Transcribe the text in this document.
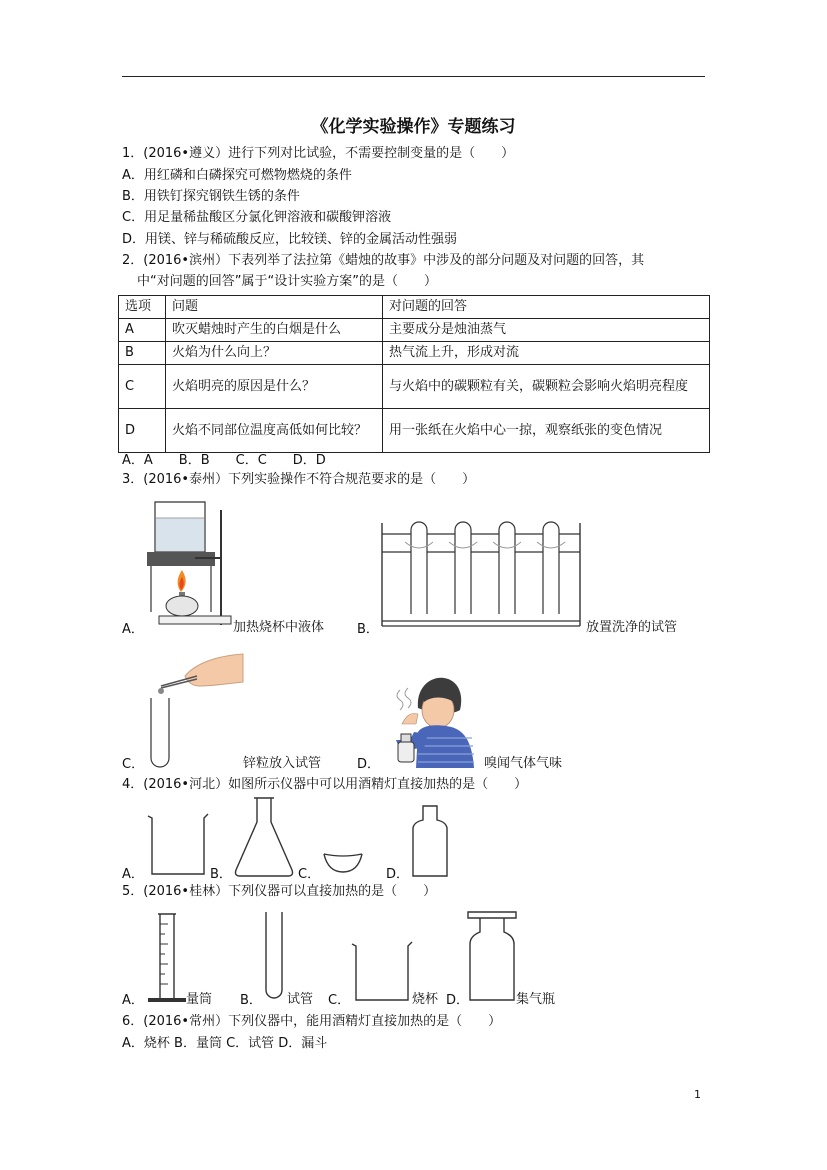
《化学实验操作》专题练习
1．(2016•遵义）进行下列对比试验，不需要控制变量的是（　　）
A．用红磷和白磷探究可燃物燃烧的条件
B．用铁钉探究钢铁生锈的条件
C．用足量稀盐酸区分氯化钾溶液和碳酸钾溶液
D．用镁、锌与稀硫酸反应，比较镁、锌的金属活动性强弱
2．(2016•滨州）下表列举了法拉第《蜡烛的故事》中涉及的部分问题及对问题的回答，其
中“对问题的回答”属于“设计实验方案”的是（　　）
选项	问题	对问题的回答
A	吹灭蜡烛时产生的白烟是什么	主要成分是烛油蒸气
B	火焰为什么向上？	热气流上升，形成对流
C	火焰明亮的原因是什么？	与火焰中的碳颗粒有关，碳颗粒会影响火焰明亮程度
D	火焰不同部位温度高低如何比较？	用一张纸在火焰中心一掠，观察纸张的变色情况
A．A　　B．B　　C．C　　D．D
3．(2016•泰州）下列实验操作不符合规范要求的是（　　）
A．	加热烧杯中液体	B．	放置洗净的试管
C．	锌粒放入试管	D．	嗅闻气体气味
4．(2016•河北）如图所示仪器中可以用酒精灯直接加热的是（　　）
A．	B．	C．	D．
5．(2016•桂林）下列仪器可以直接加热的是（　　）
A．	量筒 B． 试管 C．	烧杯 D．	集气瓶
6．(2016•常州）下列仪器中，能用酒精灯直接加热的是（　　）
A．烧杯 B．量筒 C．试管 D．漏斗
1
